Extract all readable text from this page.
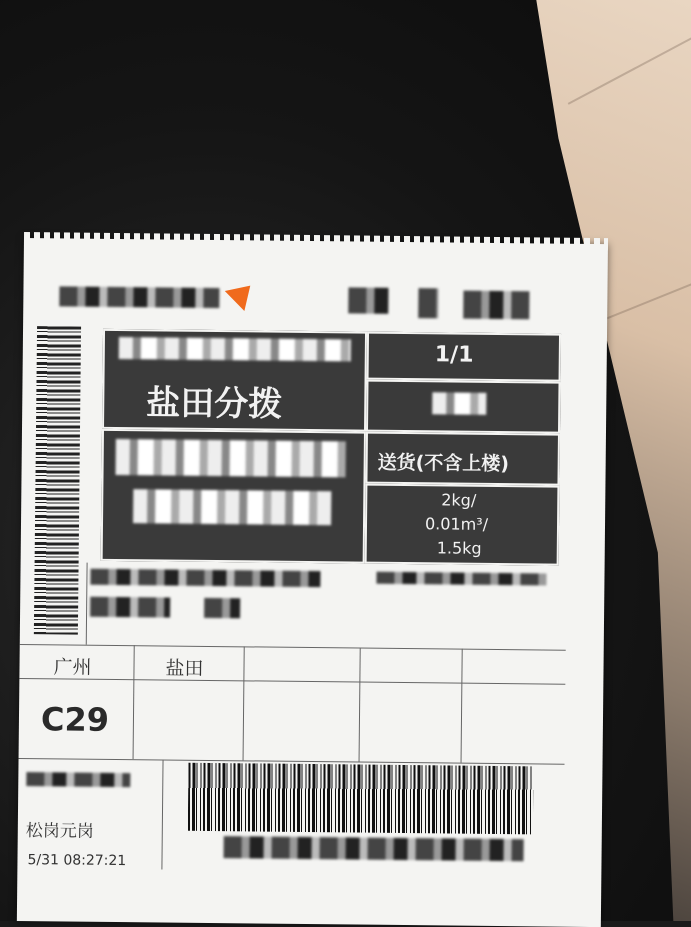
盐田分拨
1/1
送货(不含上楼)
2kg/
0.01m³/
1.5kg
广州	盐田
C29
松岗元岗
5/31 08:27:21
